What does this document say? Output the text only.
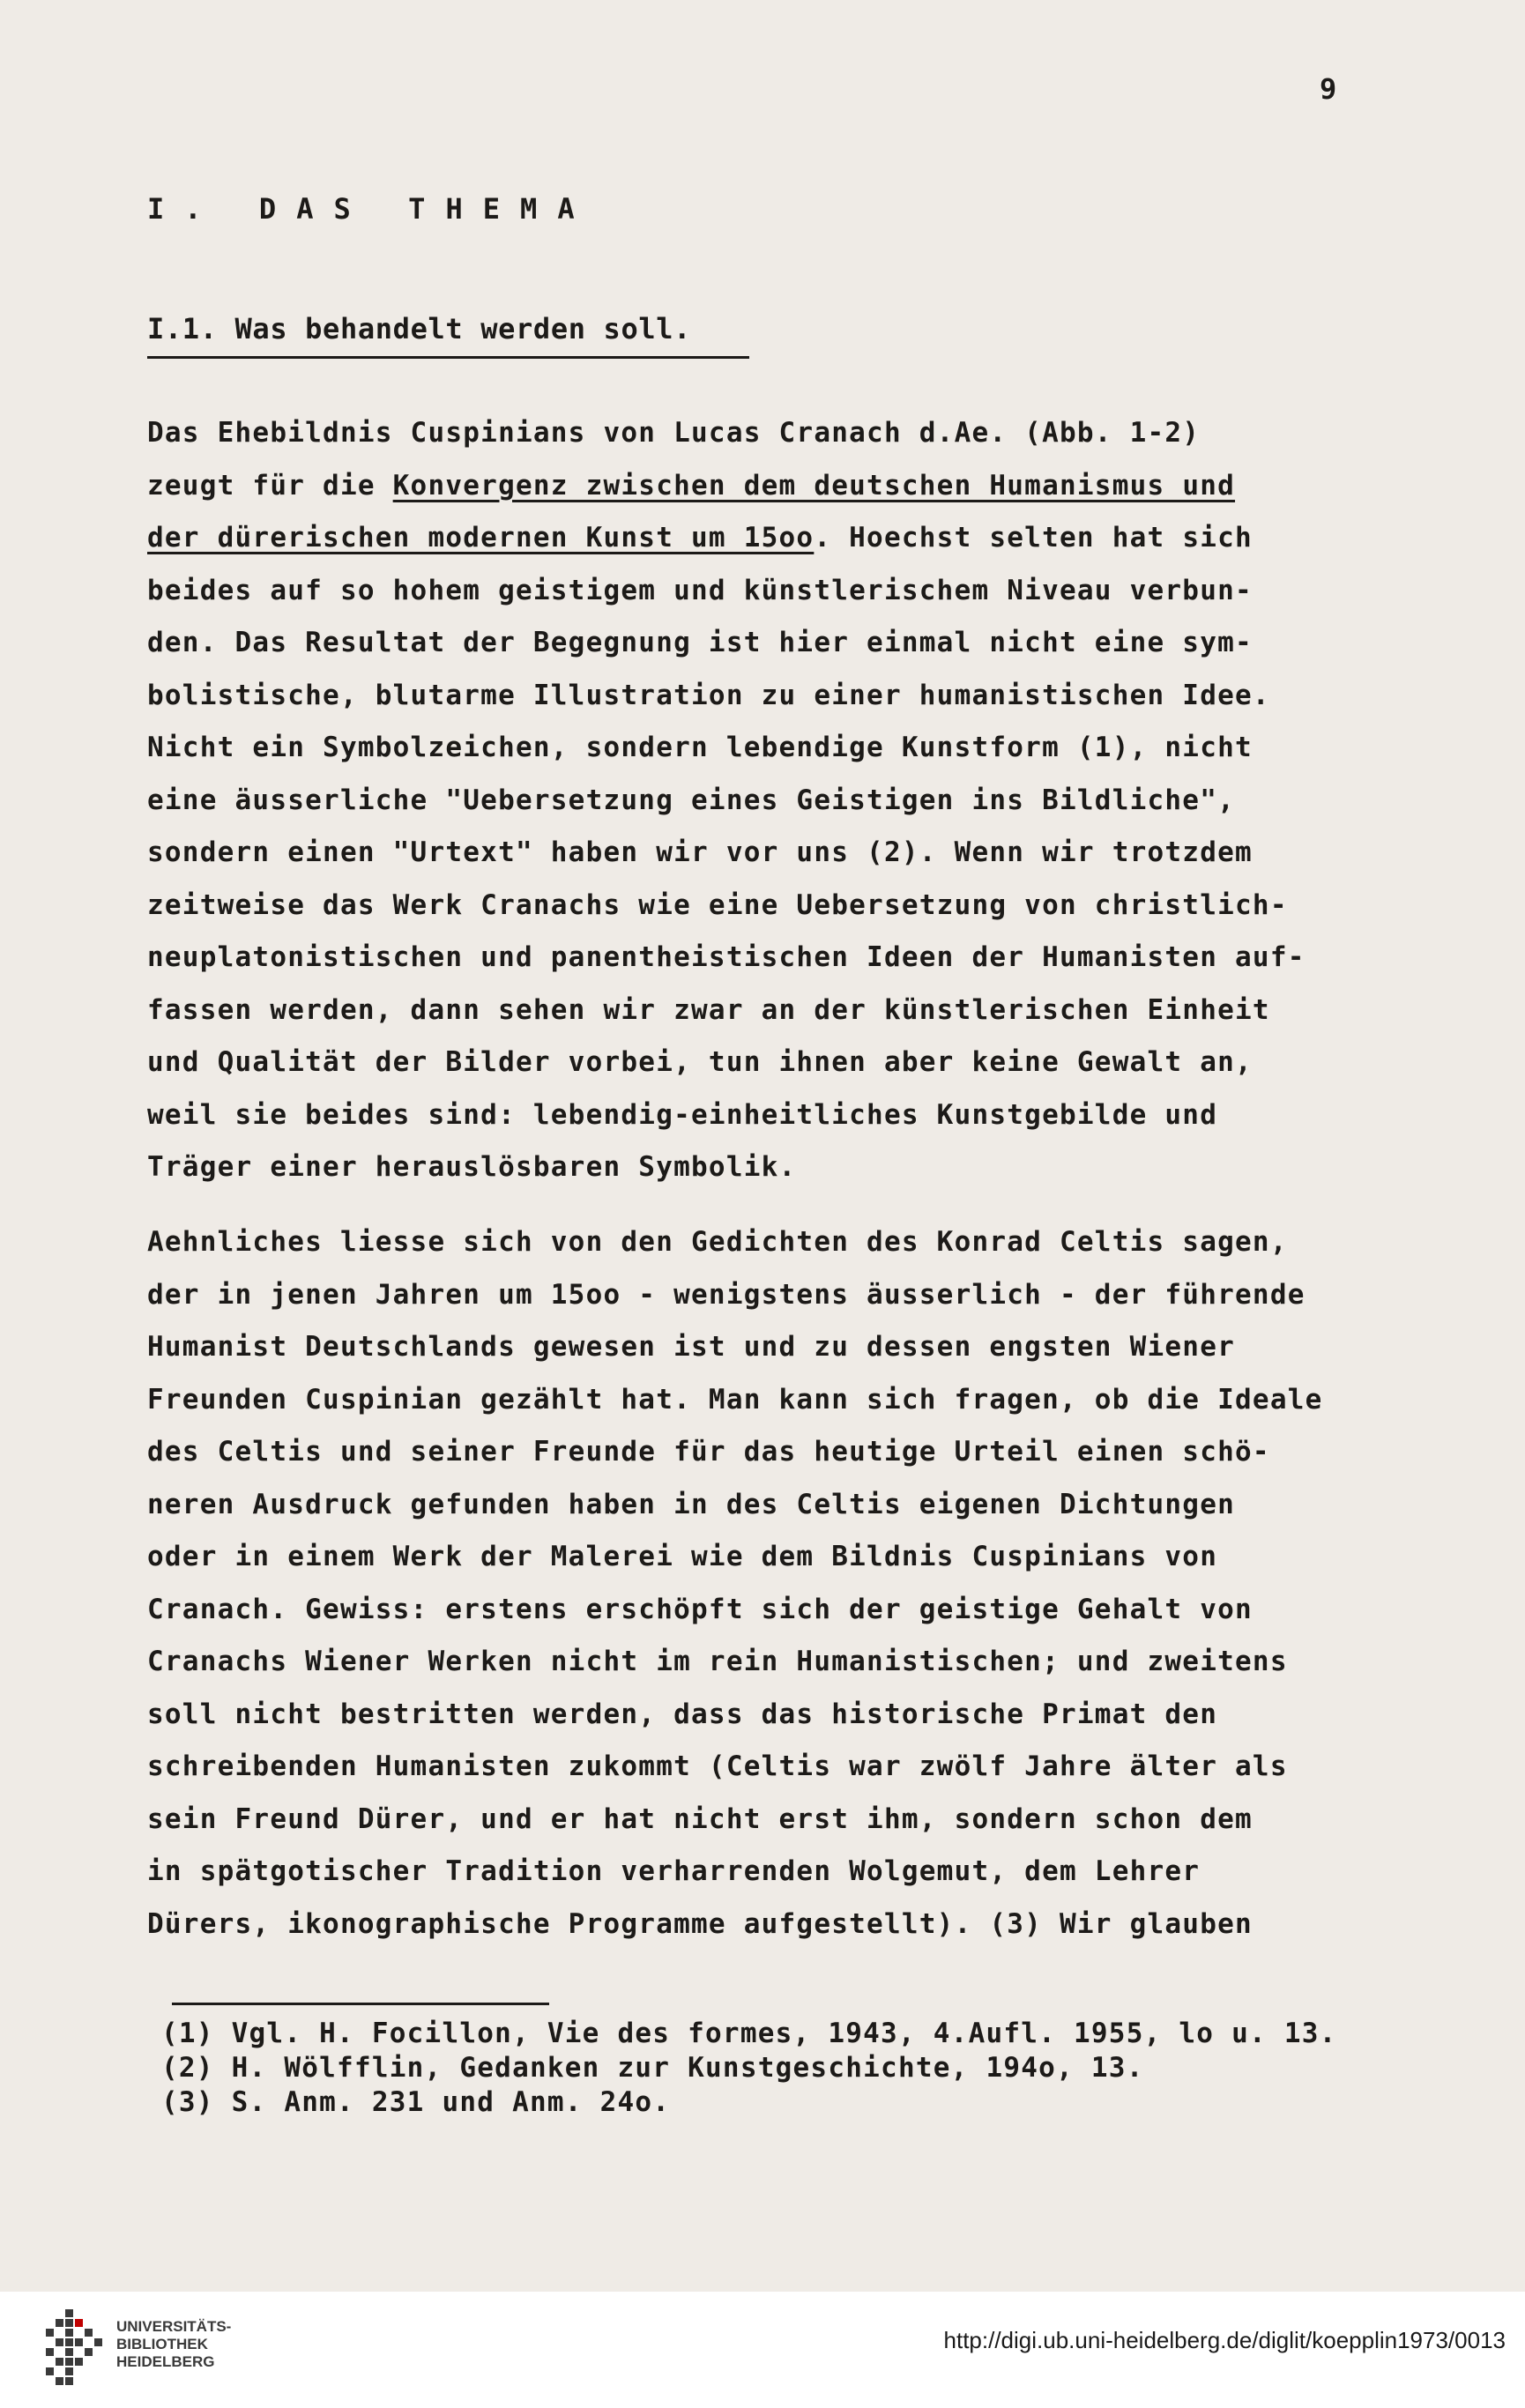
9
I. DAS THEMA
I.1. Was behandelt werden soll.
Das Ehebildnis Cuspinians von Lucas Cranach d.Ae. (Abb. 1-2)
zeugt für die Konvergenz zwischen dem deutschen Humanismus und
der dürerischen modernen Kunst um 15oo. Hoechst selten hat sich
beides auf so hohem geistigem und künstlerischem Niveau verbun-
den. Das Resultat der Begegnung ist hier einmal nicht eine sym-
bolistische, blutarme Illustration zu einer humanistischen Idee.
Nicht ein Symbolzeichen, sondern lebendige Kunstform (1), nicht
eine äusserliche "Uebersetzung eines Geistigen ins Bildliche",
sondern einen "Urtext" haben wir vor uns (2). Wenn wir trotzdem
zeitweise das Werk Cranachs wie eine Uebersetzung von christlich-
neuplatonistischen und panentheistischen Ideen der Humanisten auf-
fassen werden, dann sehen wir zwar an der künstlerischen Einheit
und Qualität der Bilder vorbei, tun ihnen aber keine Gewalt an,
weil sie beides sind: lebendig-einheitliches Kunstgebilde und
Träger einer herauslösbaren Symbolik.
Aehnliches liesse sich von den Gedichten des Konrad Celtis sagen,
der in jenen Jahren um 15oo - wenigstens äusserlich - der führende
Humanist Deutschlands gewesen ist und zu dessen engsten Wiener
Freunden Cuspinian gezählt hat. Man kann sich fragen, ob die Ideale
des Celtis und seiner Freunde für das heutige Urteil einen schö-
neren Ausdruck gefunden haben in des Celtis eigenen Dichtungen
oder in einem Werk der Malerei wie dem Bildnis Cuspinians von
Cranach. Gewiss: erstens erschöpft sich der geistige Gehalt von
Cranachs Wiener Werken nicht im rein Humanistischen; und zweitens
soll nicht bestritten werden, dass das historische Primat den
schreibenden Humanisten zukommt (Celtis war zwölf Jahre älter als
sein Freund Dürer, und er hat nicht erst ihm, sondern schon dem
in spätgotischer Tradition verharrenden Wolgemut, dem Lehrer
Dürers, ikonographische Programme aufgestellt). (3) Wir glauben
(1) Vgl. H. Focillon, Vie des formes, 1943, 4.Aufl. 1955, lo u. 13.
(2) H. Wölfflin, Gedanken zur Kunstgeschichte, 194o, 13.
(3) S. Anm. 231 und Anm. 24o.
UNIVERSITÄTS-
BIBLIOTHEK
HEIDELBERG
http://digi.ub.uni-heidelberg.de/diglit/koepplin1973/0013
